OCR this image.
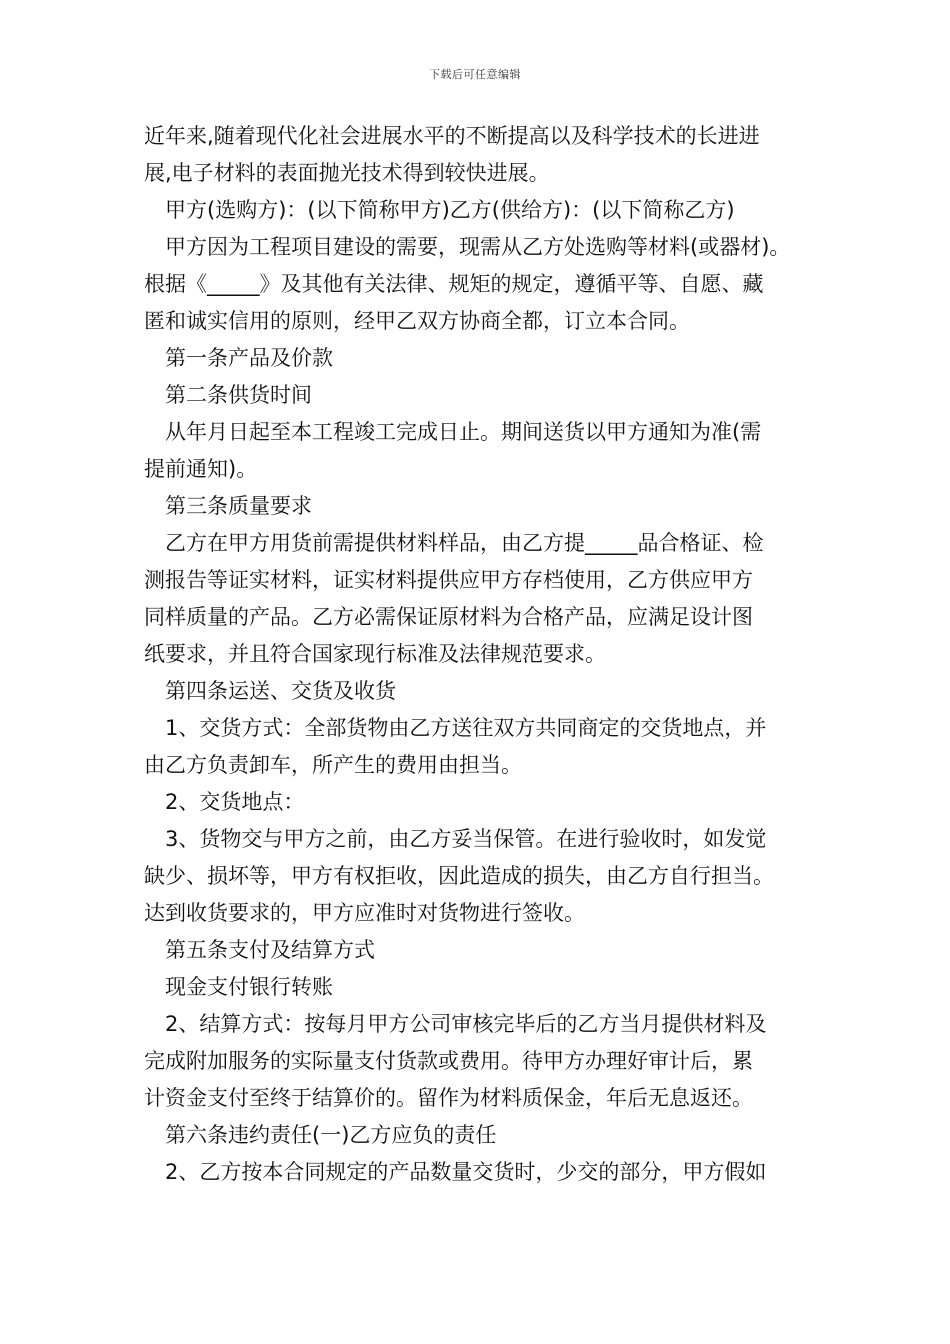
下载后可任意编辑
近年来,随着现代化社会进展水平的不断提高以及科学技术的长进进
展,电子材料的表面抛光技术得到较快进展。
甲方(选购方)：(以下简称甲方)乙方(供给方)：(以下简称乙方)
甲方因为工程项目建设的需要，现需从乙方处选购等材料(或器材)。
根据《_____》及其他有关法律、规矩的规定，遵循平等、自愿、藏
匿和诚实信用的原则，经甲乙双方协商全都，订立本合同。
第一条产品及价款
第二条供货时间
从年月日起至本工程竣工完成日止。期间送货以甲方通知为准(需
提前通知)。
第三条质量要求
乙方在甲方用货前需提供材料样品，由乙方提_____品合格证、检
测报告等证实材料，证实材料提供应甲方存档使用，乙方供应甲方
同样质量的产品。乙方必需保证原材料为合格产品，应满足设计图
纸要求，并且符合国家现行标准及法律规范要求。
第四条运送、交货及收货
1、交货方式：全部货物由乙方送往双方共同商定的交货地点，并
由乙方负责卸车，所产生的费用由担当。
2、交货地点：
3、货物交与甲方之前，由乙方妥当保管。在进行验收时，如发觉
缺少、损坏等，甲方有权拒收，因此造成的损失，由乙方自行担当。
达到收货要求的，甲方应准时对货物进行签收。
第五条支付及结算方式
现金支付银行转账
2、结算方式：按每月甲方公司审核完毕后的乙方当月提供材料及
完成附加服务的实际量支付货款或费用。待甲方办理好审计后，累
计资金支付至终于结算价的。留作为材料质保金，年后无息返还。
第六条违约责任(一)乙方应负的责任
2、乙方按本合同规定的产品数量交货时，少交的部分，甲方假如
